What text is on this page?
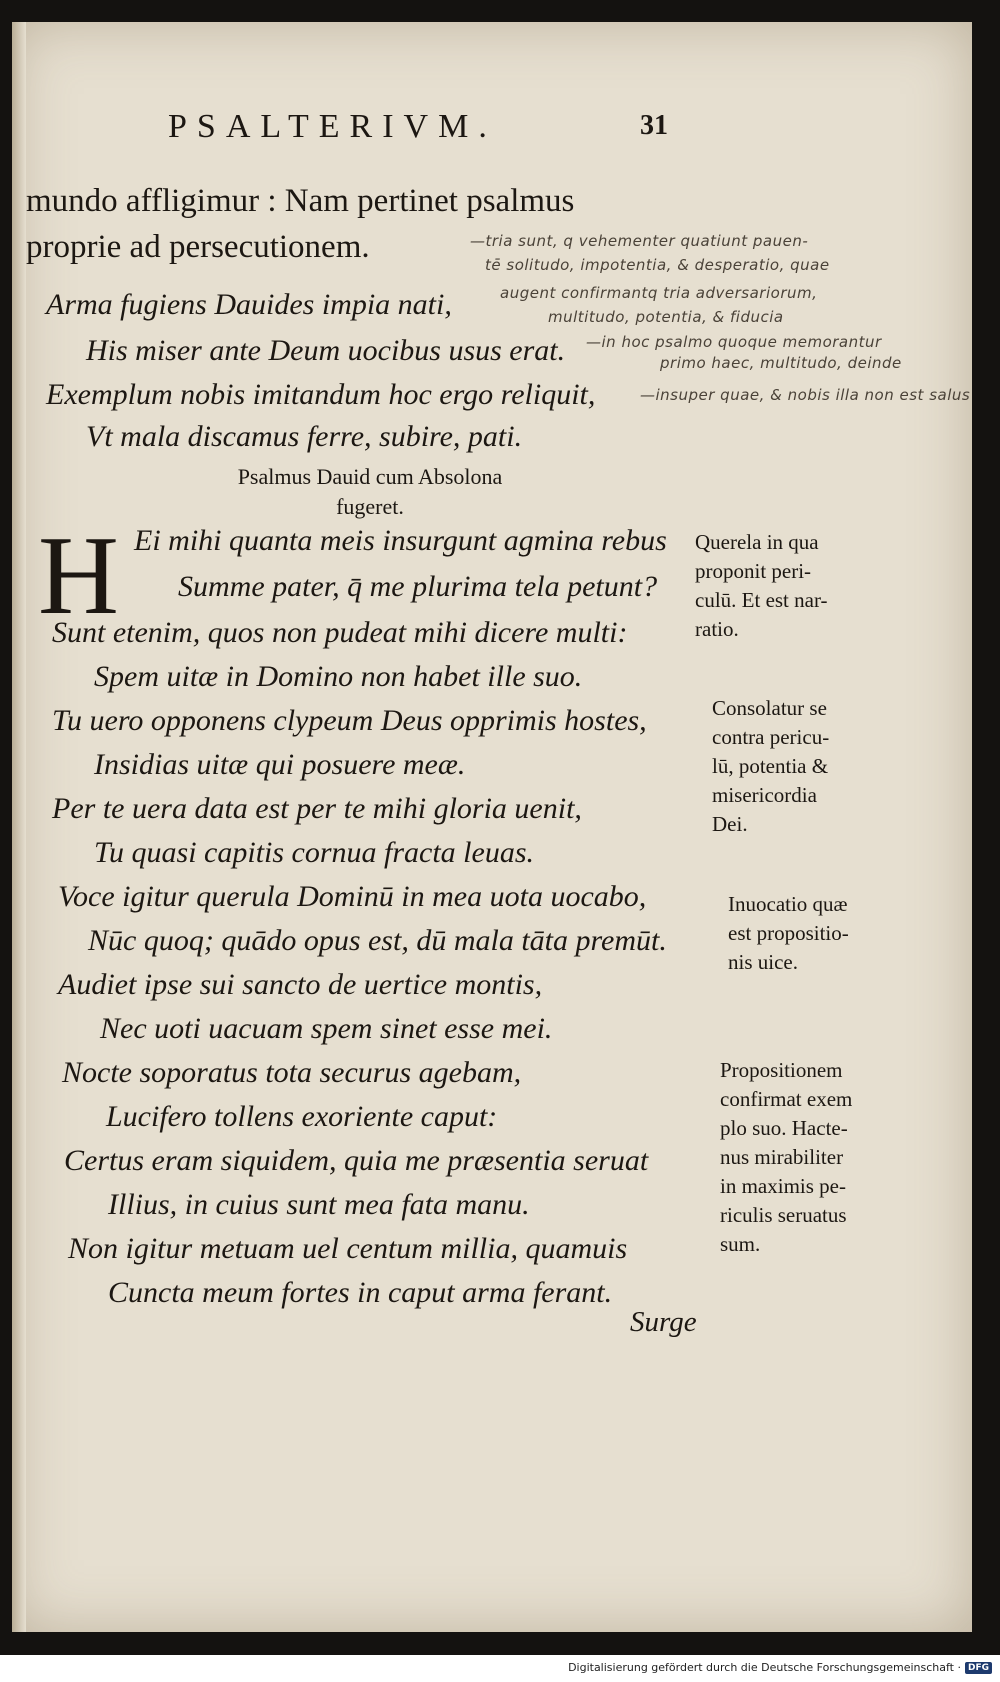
PSALTERIVM.	31
mundo affligimur : Nam pertinet psalmus
proprie ad persecutionem.	—tria sunt, q vehementer quatiunt pauen-
tē solitudo, impotentia, & desperatio, quae
augent confirmantq tria adversariorum,
multitudo, potentia, & fiducia
—in hoc psalmo quoque memorantur
primo haec, multitudo, deinde
—insuper quae, & nobis illa non est salus
Arma fugiens Dauides impia nati,
His miser ante Deum uocibus usus erat.
Exemplum nobis imitandum hoc ergo reliquit,
Vt mala discamus ferre, subire, pati.
Psalmus Dauid cum Absolona
fugeret.
H Ei mihi quanta meis insurgunt agmina rebus
Summe pater, q̄ me plurima tela petunt?
Sunt etenim, quos non pudeat mihi dicere multi:
Spem uitæ in Domino non habet ille suo.
Tu uero opponens clypeum Deus opprimis hostes,
Insidias uitæ qui posuere meæ.
Per te uera data est per te mihi gloria uenit,
Tu quasi capitis cornua fracta leuas.
Voce igitur querula Dominū in mea uota uocabo,
Nūc quoq; quādo opus est, dū mala tāta premūt.
Audiet ipse sui sancto de uertice montis,
Nec uoti uacuam spem sinet esse mei.
Nocte soporatus tota securus agebam,
Lucifero tollens exoriente caput:
Certus eram siquidem, quia me præsentia seruat
Illius, in cuius sunt mea fata manu.
Non igitur metuam uel centum millia, quamuis
Cuncta meum fortes in caput arma ferant.
Surge
Querela in qua
proponit peri-
culū. Et est nar-
ratio.
Consolatur se
contra pericu-
lū, potentia &
misericordia
Dei.
Inuocatio quæ
est propositio-
nis uice.
Propositionem
confirmat exem
plo suo. Hacte-
nus mirabiliter
in maximis pe-
riculis seruatus
sum.
Digitalisierung gefördert durch die Deutsche Forschungsgemeinschaft · DFG
